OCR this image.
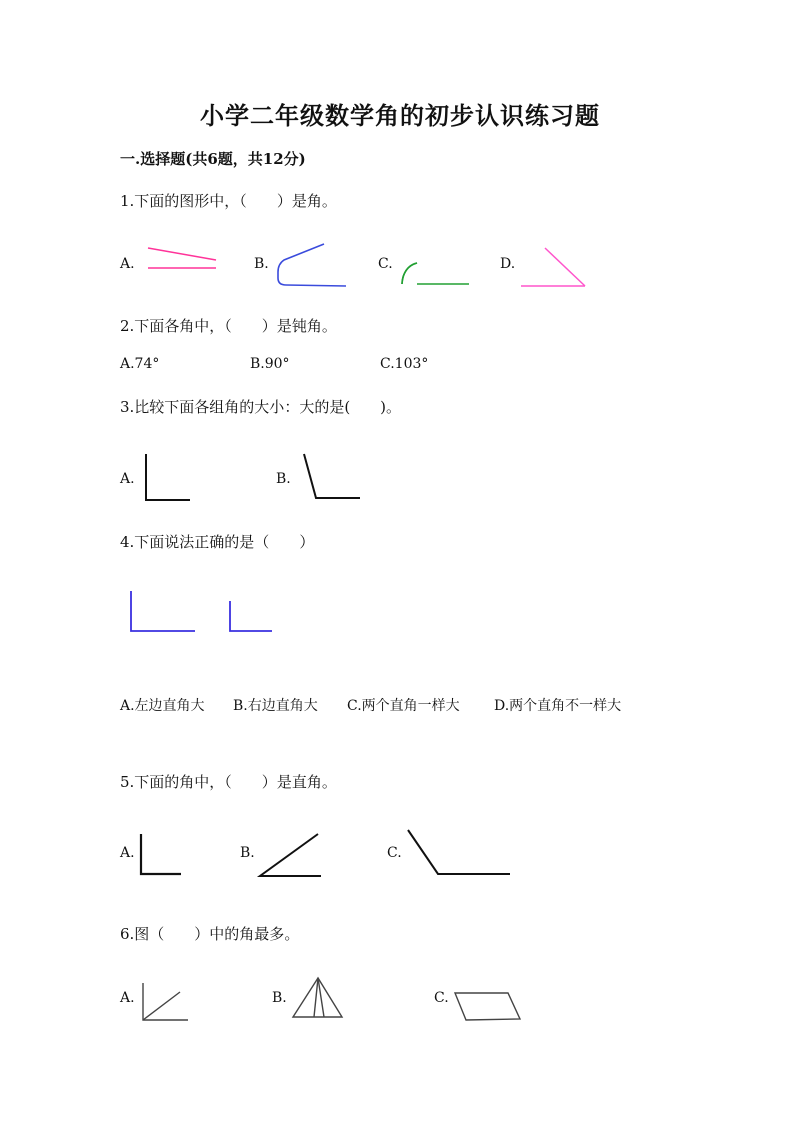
小学二年级数学角的初步认识练习题
一.选择题(共6题，共12分)
1.下面的图形中，（　　）是角。
A.	B.	C.	D.
2.下面各角中，（　　）是钝角。
A.74°	B.90°	C.103°
3.比较下面各组角的大小：大的是(　　)。
A.	B.
4.下面说法正确的是（　　）
A.左边直角大 B.右边直角大 C.两个直角一样大 D.两个直角不一样大
5.下面的角中，（　　）是直角。
A.	B.	C.
6.图（　　）中的角最多。
A.	B.	C.
